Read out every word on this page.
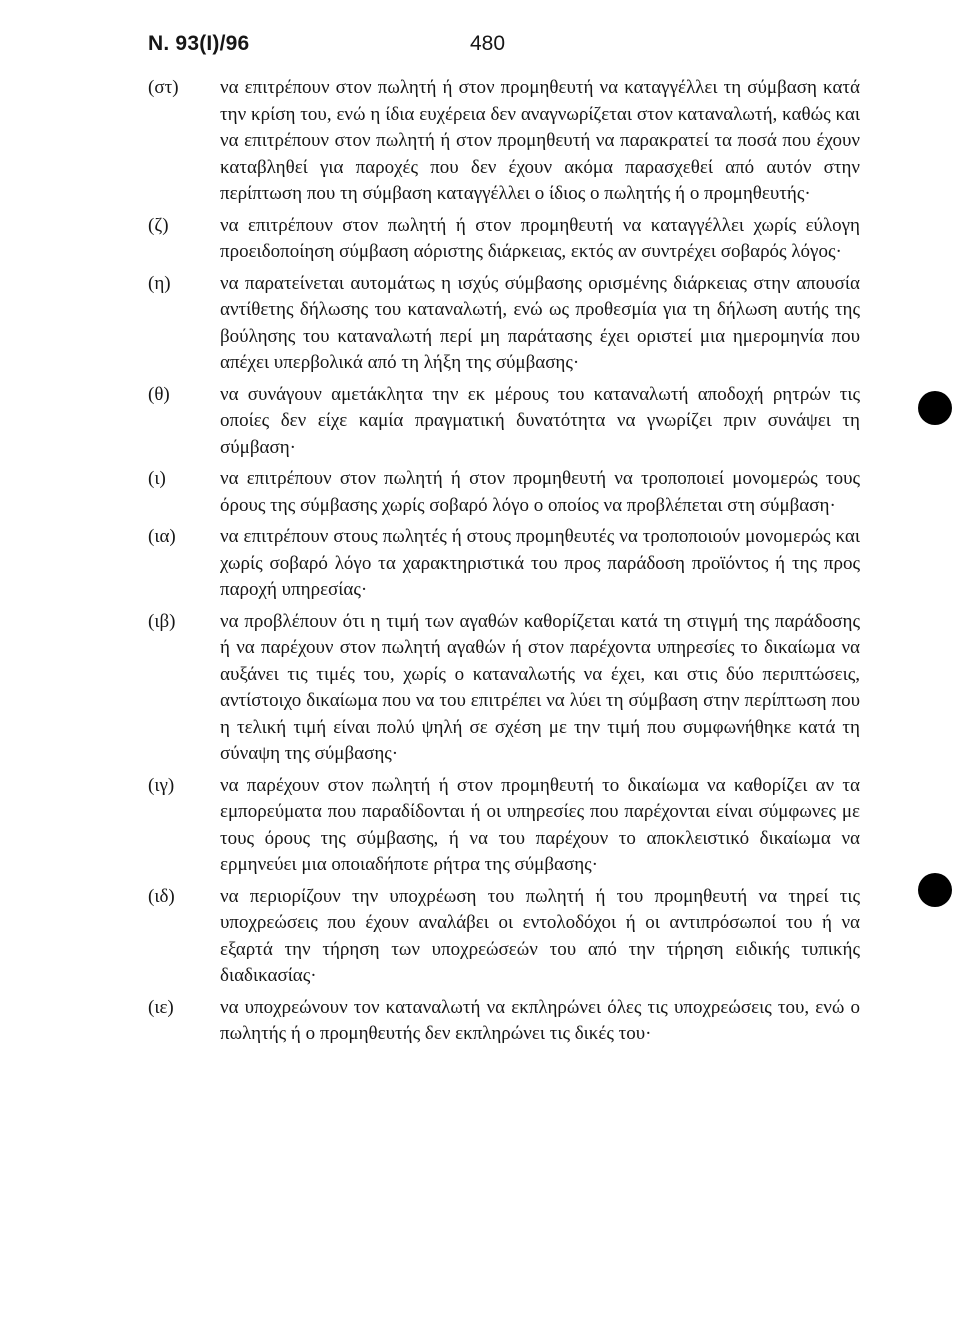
N. 93(I)/96	480
(στ) να επιτρέπουν στον πωλητή ή στον προμηθευτή να καταγγέλλει τη σύμβαση κατά την κρίση του, ενώ η ίδια ευχέρεια δεν αναγνωρίζεται στον καταναλωτή, καθώς και να επιτρέπουν στον πωλητή ή στον προμηθευτή να παρακρατεί τα ποσά που έχουν καταβληθεί για παροχές που δεν έχουν ακόμα παρασχεθεί από αυτόν στην περίπτωση που τη σύμβαση καταγγέλλει ο ίδιος ο πωλητής ή ο προμηθευτής·
(ζ)	να επιτρέπουν στον πωλητή ή στον προμηθευτή να καταγγέλλει χωρίς εύλογη προειδοποίηση σύμβαση αόριστης διάρκειας, εκτός αν συντρέχει σοβαρός λόγος·
(η)	να παρατείνεται αυτομάτως η ισχύς σύμβασης ορισμένης διάρκειας στην απουσία αντίθετης δήλωσης του καταναλωτή, ενώ ως προθεσμία για τη δήλωση αυτής της βούλησης του καταναλωτή περί μη παράτασης έχει οριστεί μια ημερομηνία που απέχει υπερβολικά από τη λήξη της σύμβασης·
(θ)	να συνάγουν αμετάκλητα την εκ μέρους του καταναλωτή αποδοχή ρητρών τις οποίες δεν είχε καμία πραγματική δυνατότητα να γνωρίζει πριν συνάψει τη σύμβαση·
(ι)	να επιτρέπουν στον πωλητή ή στον προμηθευτή να τροποποιεί μονομερώς τους όρους της σύμβασης χωρίς σοβαρό λόγο ο οποίος να προβλέπεται στη σύμβαση·
(ια) να επιτρέπουν στους πωλητές ή στους προμηθευτές να τροποποιούν μονομερώς και χωρίς σοβαρό λόγο τα χαρακτηριστικά του προς παράδοση προϊόντος ή της προς παροχή υπηρεσίας·
(ιβ) να προβλέπουν ότι η τιμή των αγαθών καθορίζεται κατά τη στιγμή της παράδοσης ή να παρέχουν στον πωλητή αγαθών ή στον παρέχοντα υπηρεσίες το δικαίωμα να αυξάνει τις τιμές του, χωρίς ο καταναλωτής να έχει, και στις δύο περιπτώσεις, αντίστοιχο δικαίωμα που να του επιτρέπει να λύει τη σύμβαση στην περίπτωση που η τελική τιμή είναι πολύ ψηλή σε σχέση με την τιμή που συμφωνήθηκε κατά τη σύναψη της σύμβασης·
(ιγ) να παρέχουν στον πωλητή ή στον προμηθευτή το δικαίωμα να καθορίζει αν τα εμπορεύματα που παραδίδονται ή οι υπηρεσίες που παρέχονται είναι σύμφωνες με τους όρους της σύμβασης, ή να του παρέχουν το αποκλειστικό δικαίωμα να ερμηνεύει μια οποιαδήποτε ρήτρα της σύμβασης·
(ιδ) να περιορίζουν την υποχρέωση του πωλητή ή του προμηθευτή να τηρεί τις υποχρεώσεις που έχουν αναλάβει οι εντολοδόχοι ή οι αντιπρόσωποί του ή να εξαρτά την τήρηση των υποχρεώσεών του από την τήρηση ειδικής τυπικής διαδικασίας·
(ιε) να υποχρεώνουν τον καταναλωτή να εκπληρώνει όλες τις υποχρεώσεις του, ενώ ο πωλητής ή ο προμηθευτής δεν εκπληρώνει τις δικές του·
